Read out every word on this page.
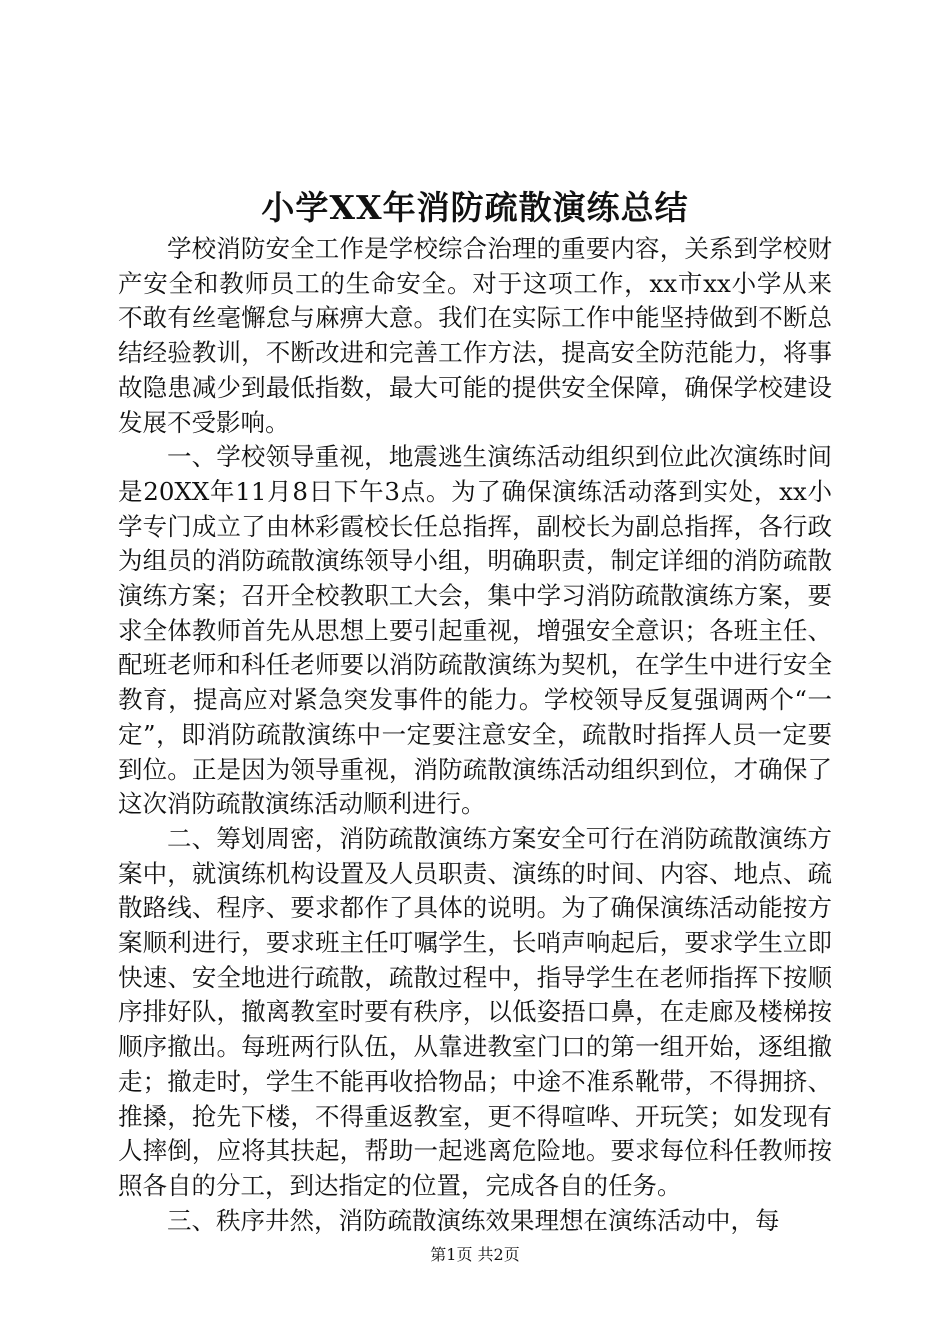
小学XX年消防疏散演练总结

学校消防安全工作是学校综合治理的重要内容，关系到学校财产安全和教师员工的生命安全。对于这项工作，xx市xx小学从来不敢有丝毫懈怠与麻痹大意。我们在实际工作中能坚持做到不断总结经验教训，不断改进和完善工作方法，提高安全防范能力，将事故隐患减少到最低指数，最大可能的提供安全保障，确保学校建设发展不受影响。

一、学校领导重视，地震逃生演练活动组织到位此次演练时间是20XX年11月8日下午3点。为了确保演练活动落到实处，xx小学专门成立了由林彩霞校长任总指挥，副校长为副总指挥，各行政为组员的消防疏散演练领导小组，明确职责，制定详细的消防疏散演练方案；召开全校教职工大会，集中学习消防疏散演练方案，要求全体教师首先从思想上要引起重视，增强安全意识；各班主任、配班老师和科任老师要以消防疏散演练为契机，在学生中进行安全教育，提高应对紧急突发事件的能力。学校领导反复强调两个“一定”，即消防疏散演练中一定要注意安全，疏散时指挥人员一定要到位。正是因为领导重视，消防疏散演练活动组织到位，才确保了这次消防疏散演练活动顺利进行。

二、筹划周密，消防疏散演练方案安全可行在消防疏散演练方案中，就演练机构设置及人员职责、演练的时间、内容、地点、疏散路线、程序、要求都作了具体的说明。为了确保演练活动能按方案顺利进行，要求班主任叮嘱学生，长哨声响起后，要求学生立即快速、安全地进行疏散，疏散过程中，指导学生在老师指挥下按顺序排好队，撤离教室时要有秩序，以低姿捂口鼻，在走廊及楼梯按顺序撤出。每班两行队伍，从靠进教室门口的第一组开始，逐组撤走；撤走时，学生不能再收拾物品；中途不准系靴带，不得拥挤、推搡，抢先下楼，不得重返教室，更不得喧哗、开玩笑；如发现有人摔倒，应将其扶起，帮助一起逃离危险地。要求每位科任教师按照各自的分工，到达指定的位置，完成各自的任务。

三、秩序井然，消防疏散演练效果理想在演练活动中，每

第1页 共2页
